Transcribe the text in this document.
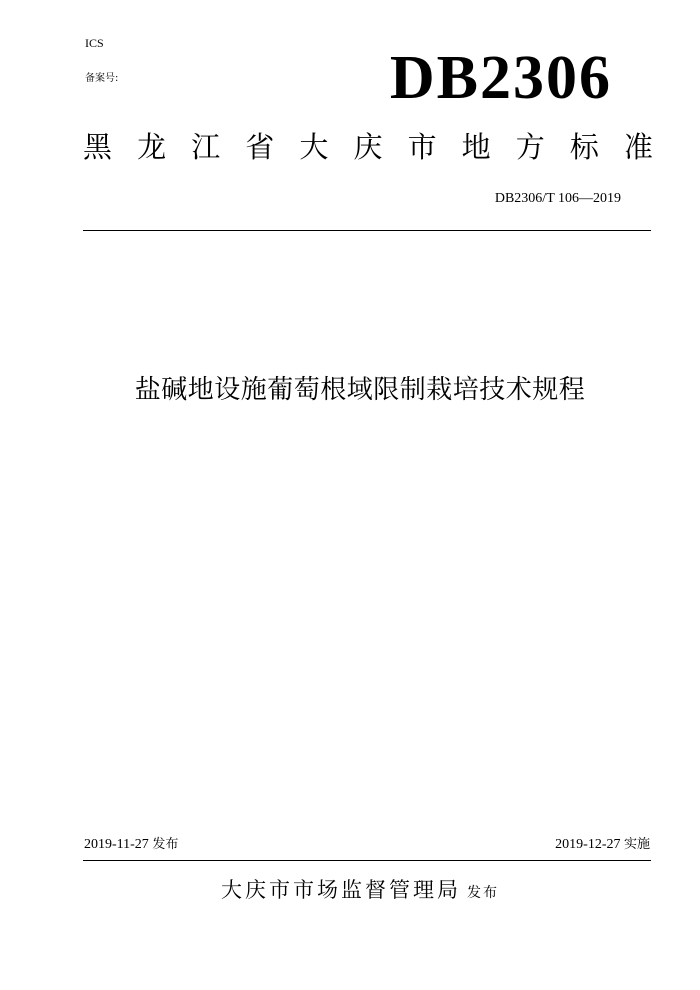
ICS
备案号:	DB2306
黑 龙 江 省 大 庆 市 地 方 标 准
DB2306/T 106—2019
盐碱地设施葡萄根域限制栽培技术规程
2019-11-27 发布	2019-12-27 实施
大庆市市场监督管理局 发布
